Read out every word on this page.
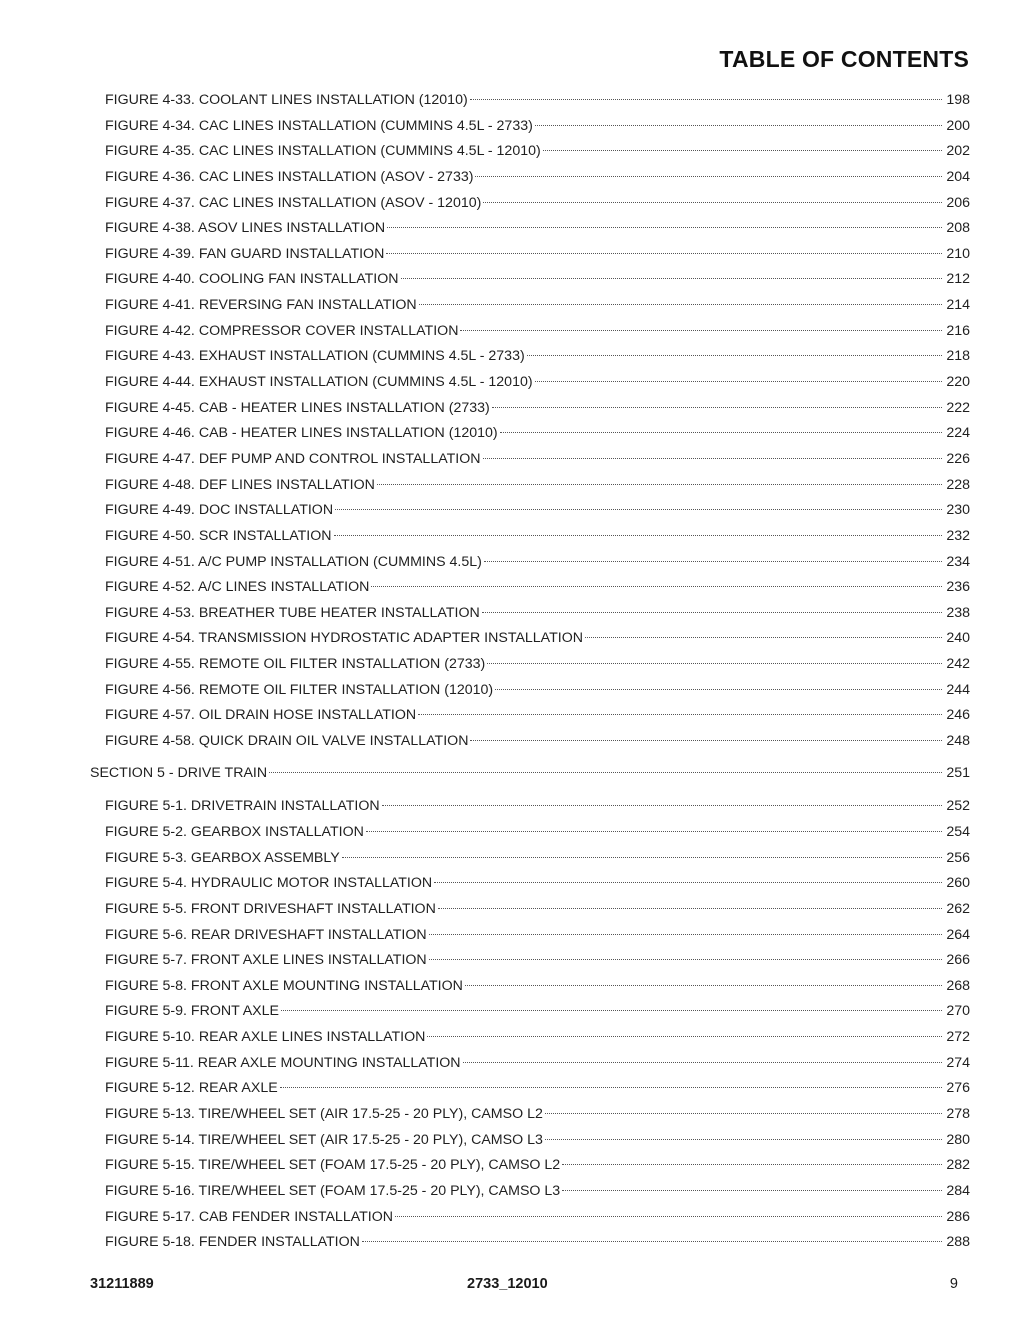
TABLE OF CONTENTS
FIGURE 4-33. COOLANT LINES INSTALLATION (12010)	198
FIGURE 4-34. CAC LINES INSTALLATION (CUMMINS 4.5L - 2733)	200
FIGURE 4-35. CAC LINES INSTALLATION (CUMMINS 4.5L - 12010)	202
FIGURE 4-36. CAC LINES INSTALLATION (ASOV - 2733)	204
FIGURE 4-37. CAC LINES INSTALLATION (ASOV - 12010)	206
FIGURE 4-38. ASOV LINES INSTALLATION	208
FIGURE 4-39. FAN GUARD INSTALLATION	210
FIGURE 4-40. COOLING FAN INSTALLATION	212
FIGURE 4-41. REVERSING FAN INSTALLATION	214
FIGURE 4-42. COMPRESSOR COVER INSTALLATION	216
FIGURE 4-43. EXHAUST INSTALLATION (CUMMINS 4.5L - 2733)	218
FIGURE 4-44. EXHAUST INSTALLATION (CUMMINS 4.5L - 12010)	220
FIGURE 4-45. CAB - HEATER LINES INSTALLATION (2733)	222
FIGURE 4-46. CAB - HEATER LINES INSTALLATION (12010)	224
FIGURE 4-47. DEF PUMP AND CONTROL INSTALLATION	226
FIGURE 4-48. DEF LINES INSTALLATION	228
FIGURE 4-49. DOC INSTALLATION	230
FIGURE 4-50. SCR INSTALLATION	232
FIGURE 4-51. A/C PUMP INSTALLATION (CUMMINS 4.5L)	234
FIGURE 4-52. A/C LINES INSTALLATION	236
FIGURE 4-53. BREATHER TUBE HEATER INSTALLATION	238
FIGURE 4-54. TRANSMISSION HYDROSTATIC ADAPTER INSTALLATION	240
FIGURE 4-55. REMOTE OIL FILTER INSTALLATION (2733)	242
FIGURE 4-56. REMOTE OIL FILTER INSTALLATION (12010)	244
FIGURE 4-57. OIL DRAIN HOSE INSTALLATION	246
FIGURE 4-58. QUICK DRAIN OIL VALVE INSTALLATION	248
SECTION 5 - DRIVE TRAIN	251
FIGURE 5-1. DRIVETRAIN INSTALLATION	252
FIGURE 5-2. GEARBOX INSTALLATION	254
FIGURE 5-3. GEARBOX ASSEMBLY	256
FIGURE 5-4. HYDRAULIC MOTOR INSTALLATION	260
FIGURE 5-5. FRONT DRIVESHAFT INSTALLATION	262
FIGURE 5-6. REAR DRIVESHAFT INSTALLATION	264
FIGURE 5-7. FRONT AXLE LINES INSTALLATION	266
FIGURE 5-8. FRONT AXLE MOUNTING INSTALLATION	268
FIGURE 5-9. FRONT AXLE	270
FIGURE 5-10. REAR AXLE LINES INSTALLATION	272
FIGURE 5-11. REAR AXLE MOUNTING INSTALLATION	274
FIGURE 5-12. REAR AXLE	276
FIGURE 5-13. TIRE/WHEEL SET (AIR 17.5-25 - 20 PLY), CAMSO L2	278
FIGURE 5-14. TIRE/WHEEL SET (AIR 17.5-25 - 20 PLY), CAMSO L3	280
FIGURE 5-15. TIRE/WHEEL SET (FOAM 17.5-25 - 20 PLY), CAMSO L2	282
FIGURE 5-16. TIRE/WHEEL SET (FOAM 17.5-25 - 20 PLY), CAMSO L3	284
FIGURE 5-17. CAB FENDER INSTALLATION	286
FIGURE 5-18. FENDER INSTALLATION	288
31211889	2733_12010	9
